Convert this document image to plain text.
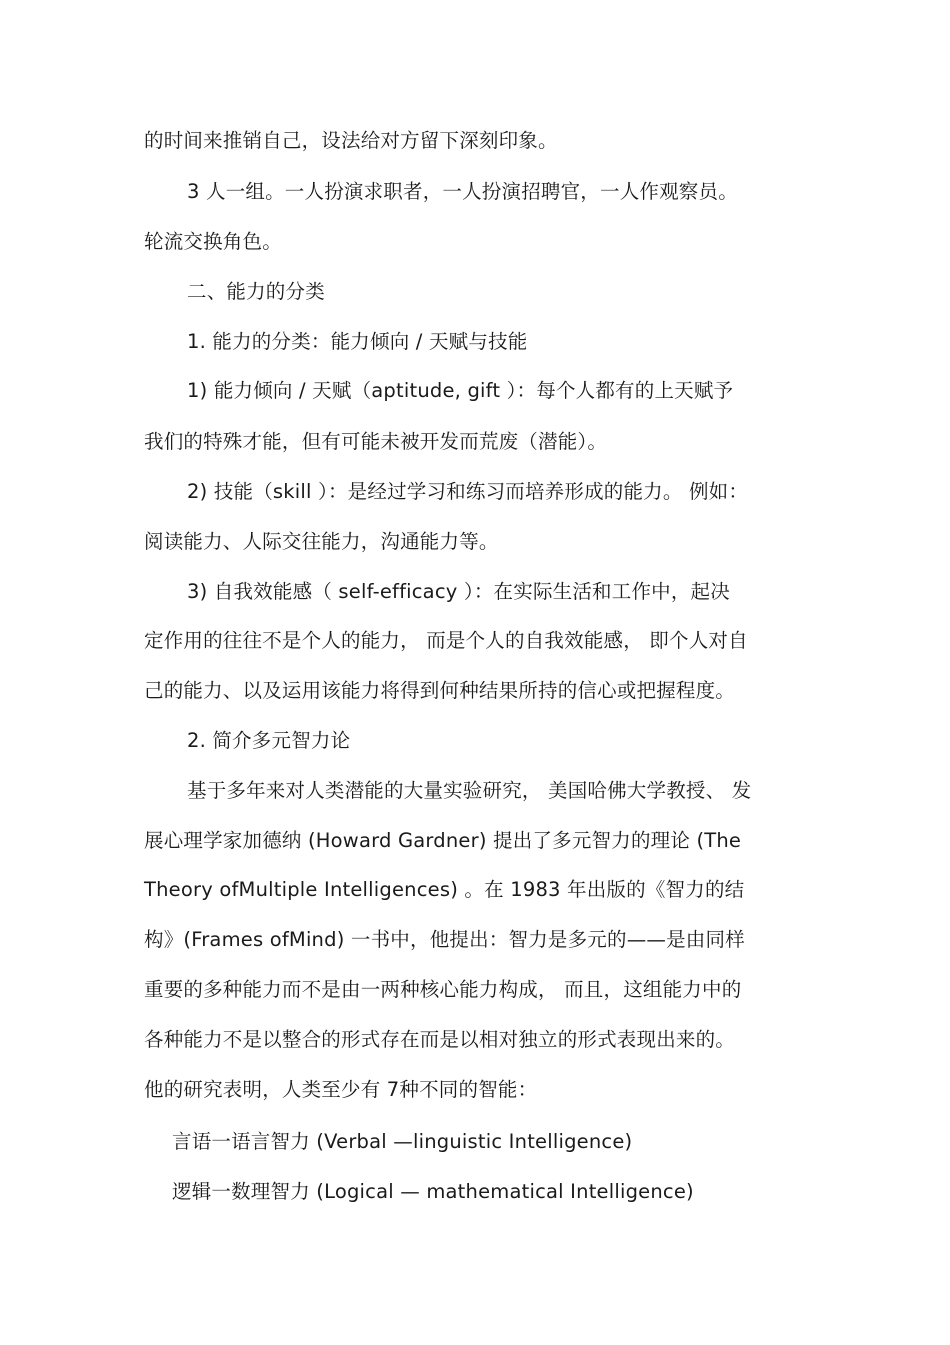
的时间来推销自己，设法给对方留下深刻印象。
3 人一组。一人扮演求职者，一人扮演招聘官，一人作观察员。
轮流交换角色。
二、能力的分类
1. 能力的分类：能力倾向 / 天赋与技能
1) 能力倾向 / 天赋（aptitude, gift ）：每个人都有的上天赋予
我们的特殊才能，但有可能未被开发而荒废（潜能）。
2) 技能（skill ）：是经过学习和练习而培养形成的能力。 例如：
阅读能力、人际交往能力，沟通能力等。
3) 自我效能感（ self-efficacy ）：在实际生活和工作中，起决
定作用的往往不是个人的能力， 而是个人的自我效能感， 即个人对自
己的能力、以及运用该能力将得到何种结果所持的信心或把握程度。
2. 简介多元智力论
基于多年来对人类潜能的大量实验研究， 美国哈佛大学教授、 发
展心理学家加德纳 (Howard Gardner) 提出了多元智力的理论 (The
Theory ofMultiple Intelligences) 。在 1983 年出版的《智力的结
构》(Frames ofMind) 一书中，他提出：智力是多元的——是由同样
重要的多种能力而不是由一两种核心能力构成， 而且，这组能力中的
各种能力不是以整合的形式存在而是以相对独立的形式表现出来的。
他的研究表明，人类至少有 7种不同的智能：
言语一语言智力 (Verbal —linguistic Intelligence)
逻辑一数理智力 (Logical — mathematical Intelligence)
